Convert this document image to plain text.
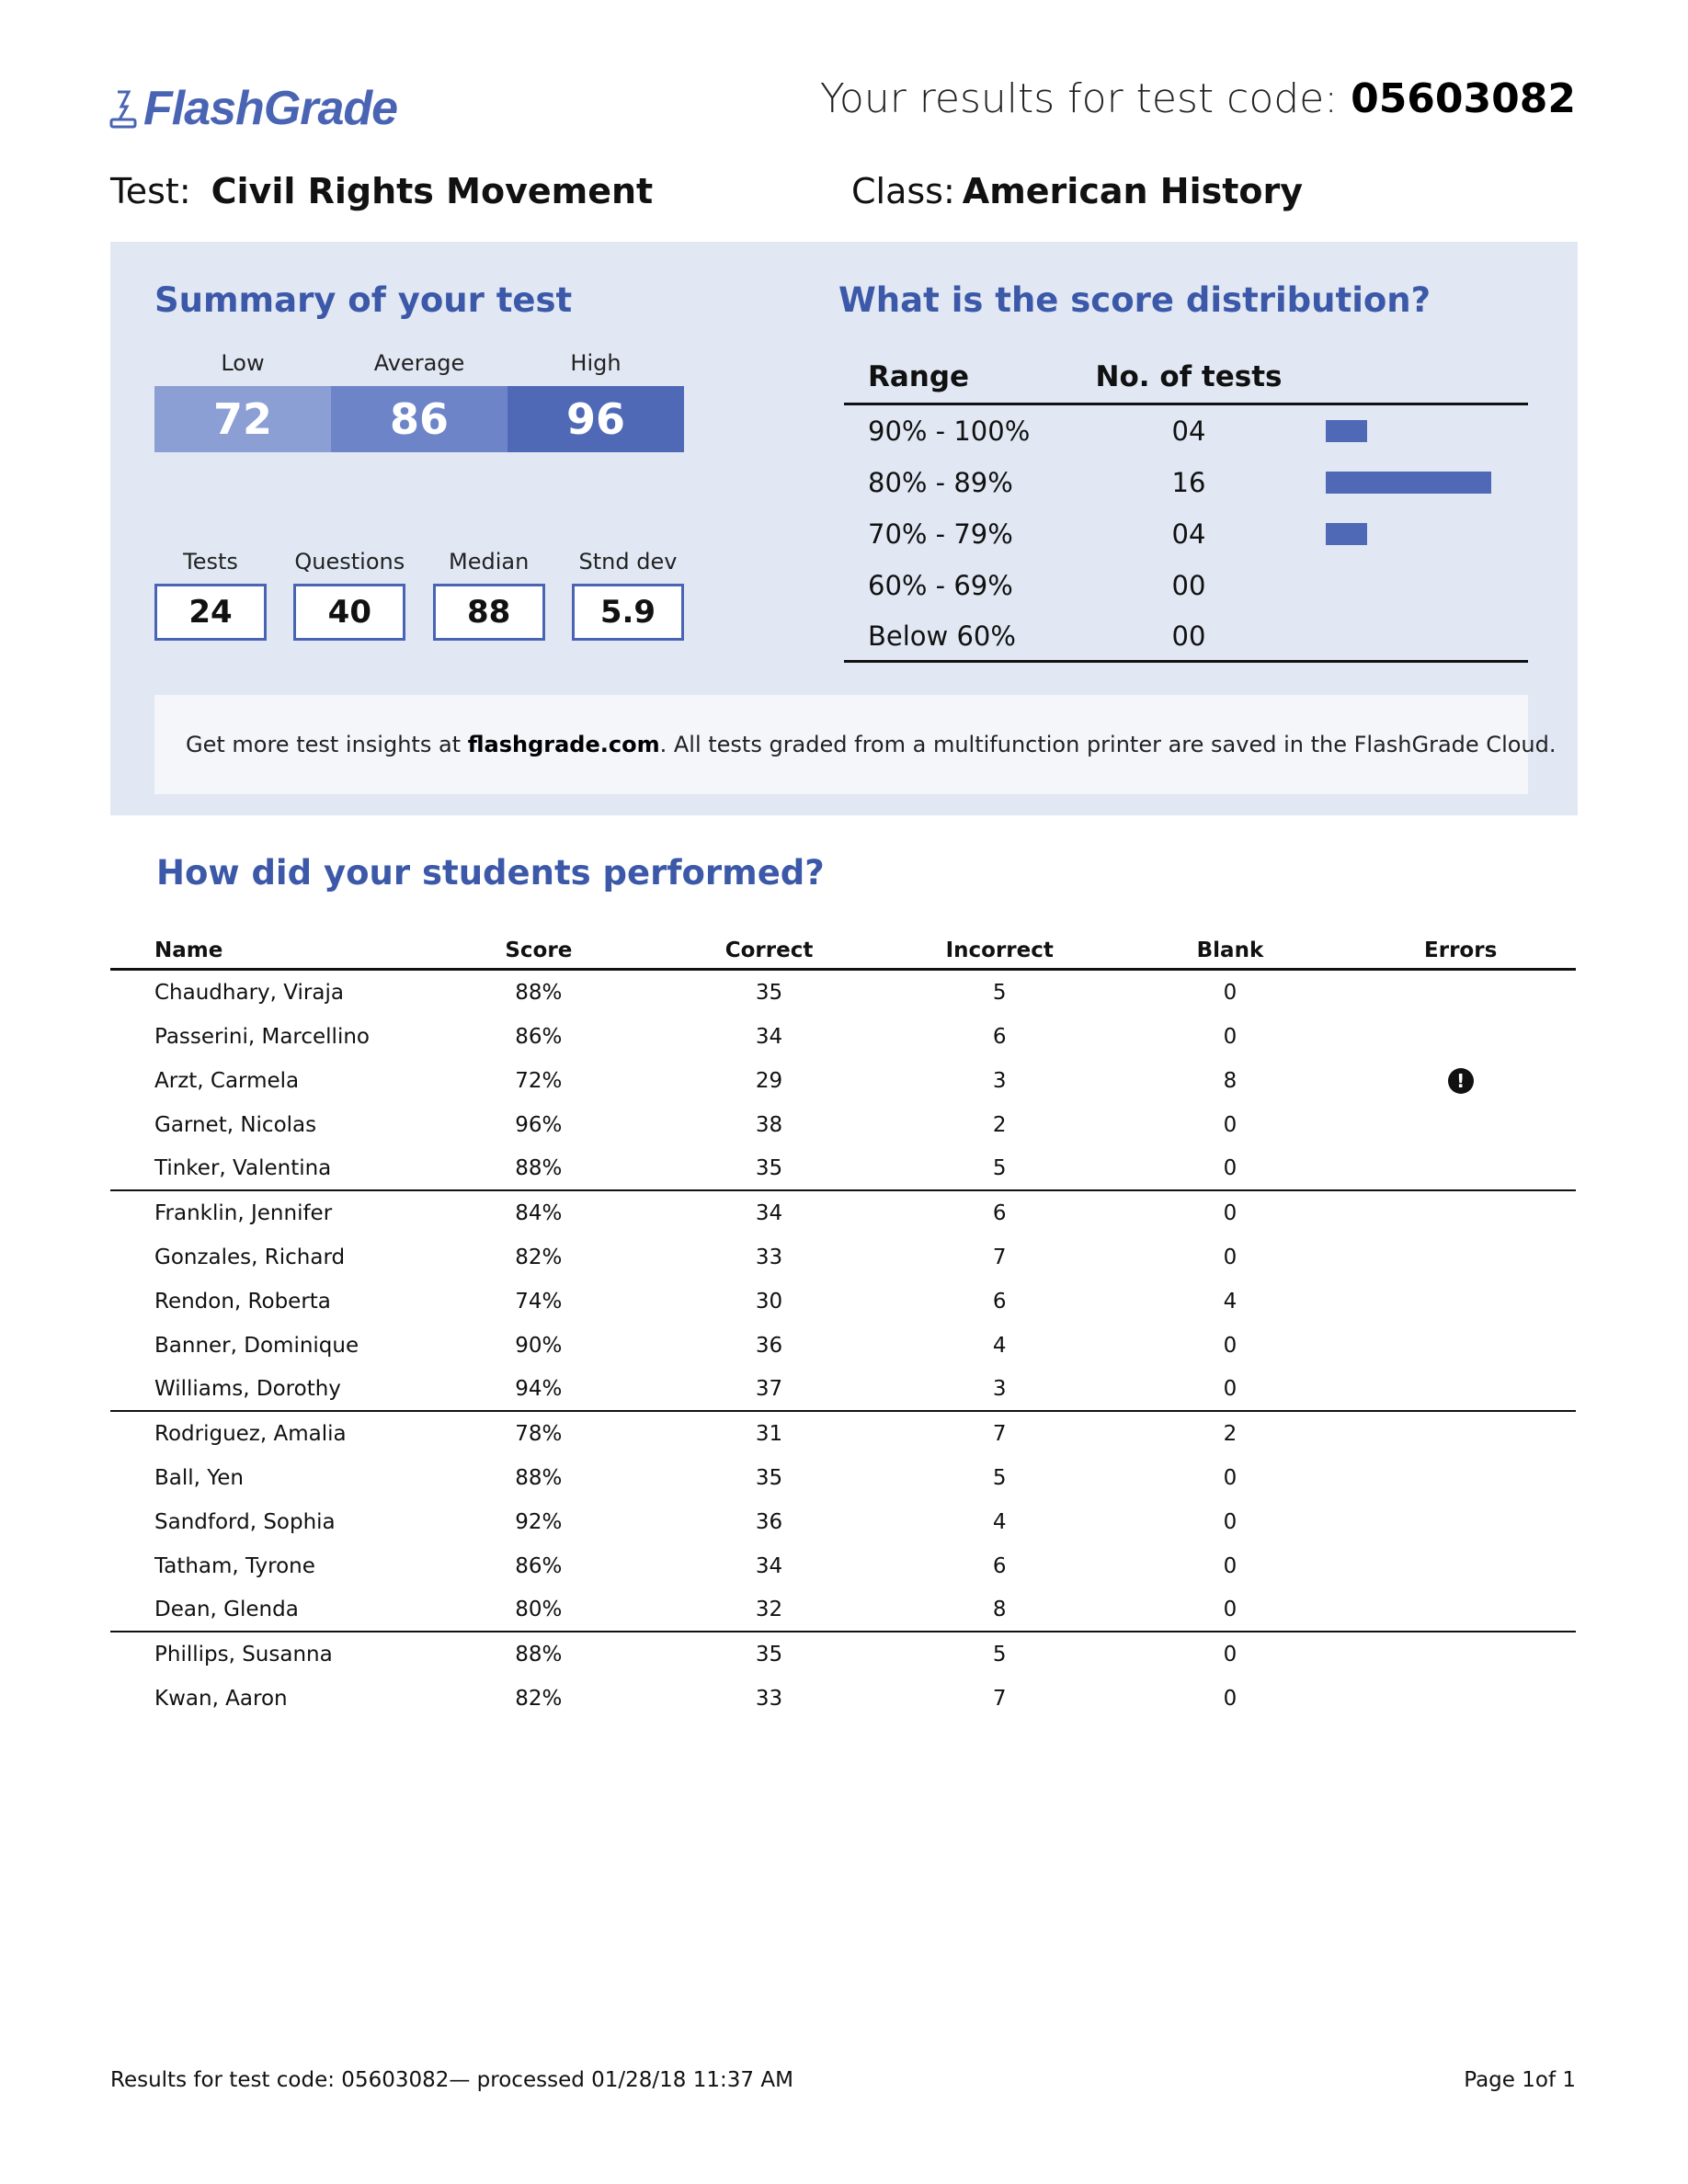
FlashGrade	Your results for test code: 05603082
Test: Civil Rights Movement	Class: American History
Summary of your test
Low	Average	High
72	86	96
Tests	Questions	Median	Stnd dev
24	40	88	5.9
What is the score distribution?
Range	No. of tests
90% - 100%	04
80% - 89%	16
70% - 79%	04
60% - 69%	00
Below 60%	00
Get more test insights at flashgrade.com. All tests graded from a multifunction printer are saved in the FlashGrade Cloud.
How did your students performed?
Name	Score	Correct	Incorrect	Blank	Errors
Chaudhary, Viraja	88%	35	5	0
Passerini, Marcellino	86%	34	6	0
Arzt, Carmela	72%	29	3	8	!
Garnet, Nicolas	96%	38	2	0
Tinker, Valentina	88%	35	5	0
Franklin, Jennifer	84%	34	6	0
Gonzales, Richard	82%	33	7	0
Rendon, Roberta	74%	30	6	4
Banner, Dominique	90%	36	4	0
Williams, Dorothy	94%	37	3	0
Rodriguez, Amalia	78%	31	7	2
Ball, Yen	88%	35	5	0
Sandford, Sophia	92%	36	4	0
Tatham, Tyrone	86%	34	6	0
Dean, Glenda	80%	32	8	0
Phillips, Susanna	88%	35	5	0
Kwan, Aaron	82%	33	7	0
Results for test code: 05603082— processed 01/28/18 11:37 AM	Page 1of 1
